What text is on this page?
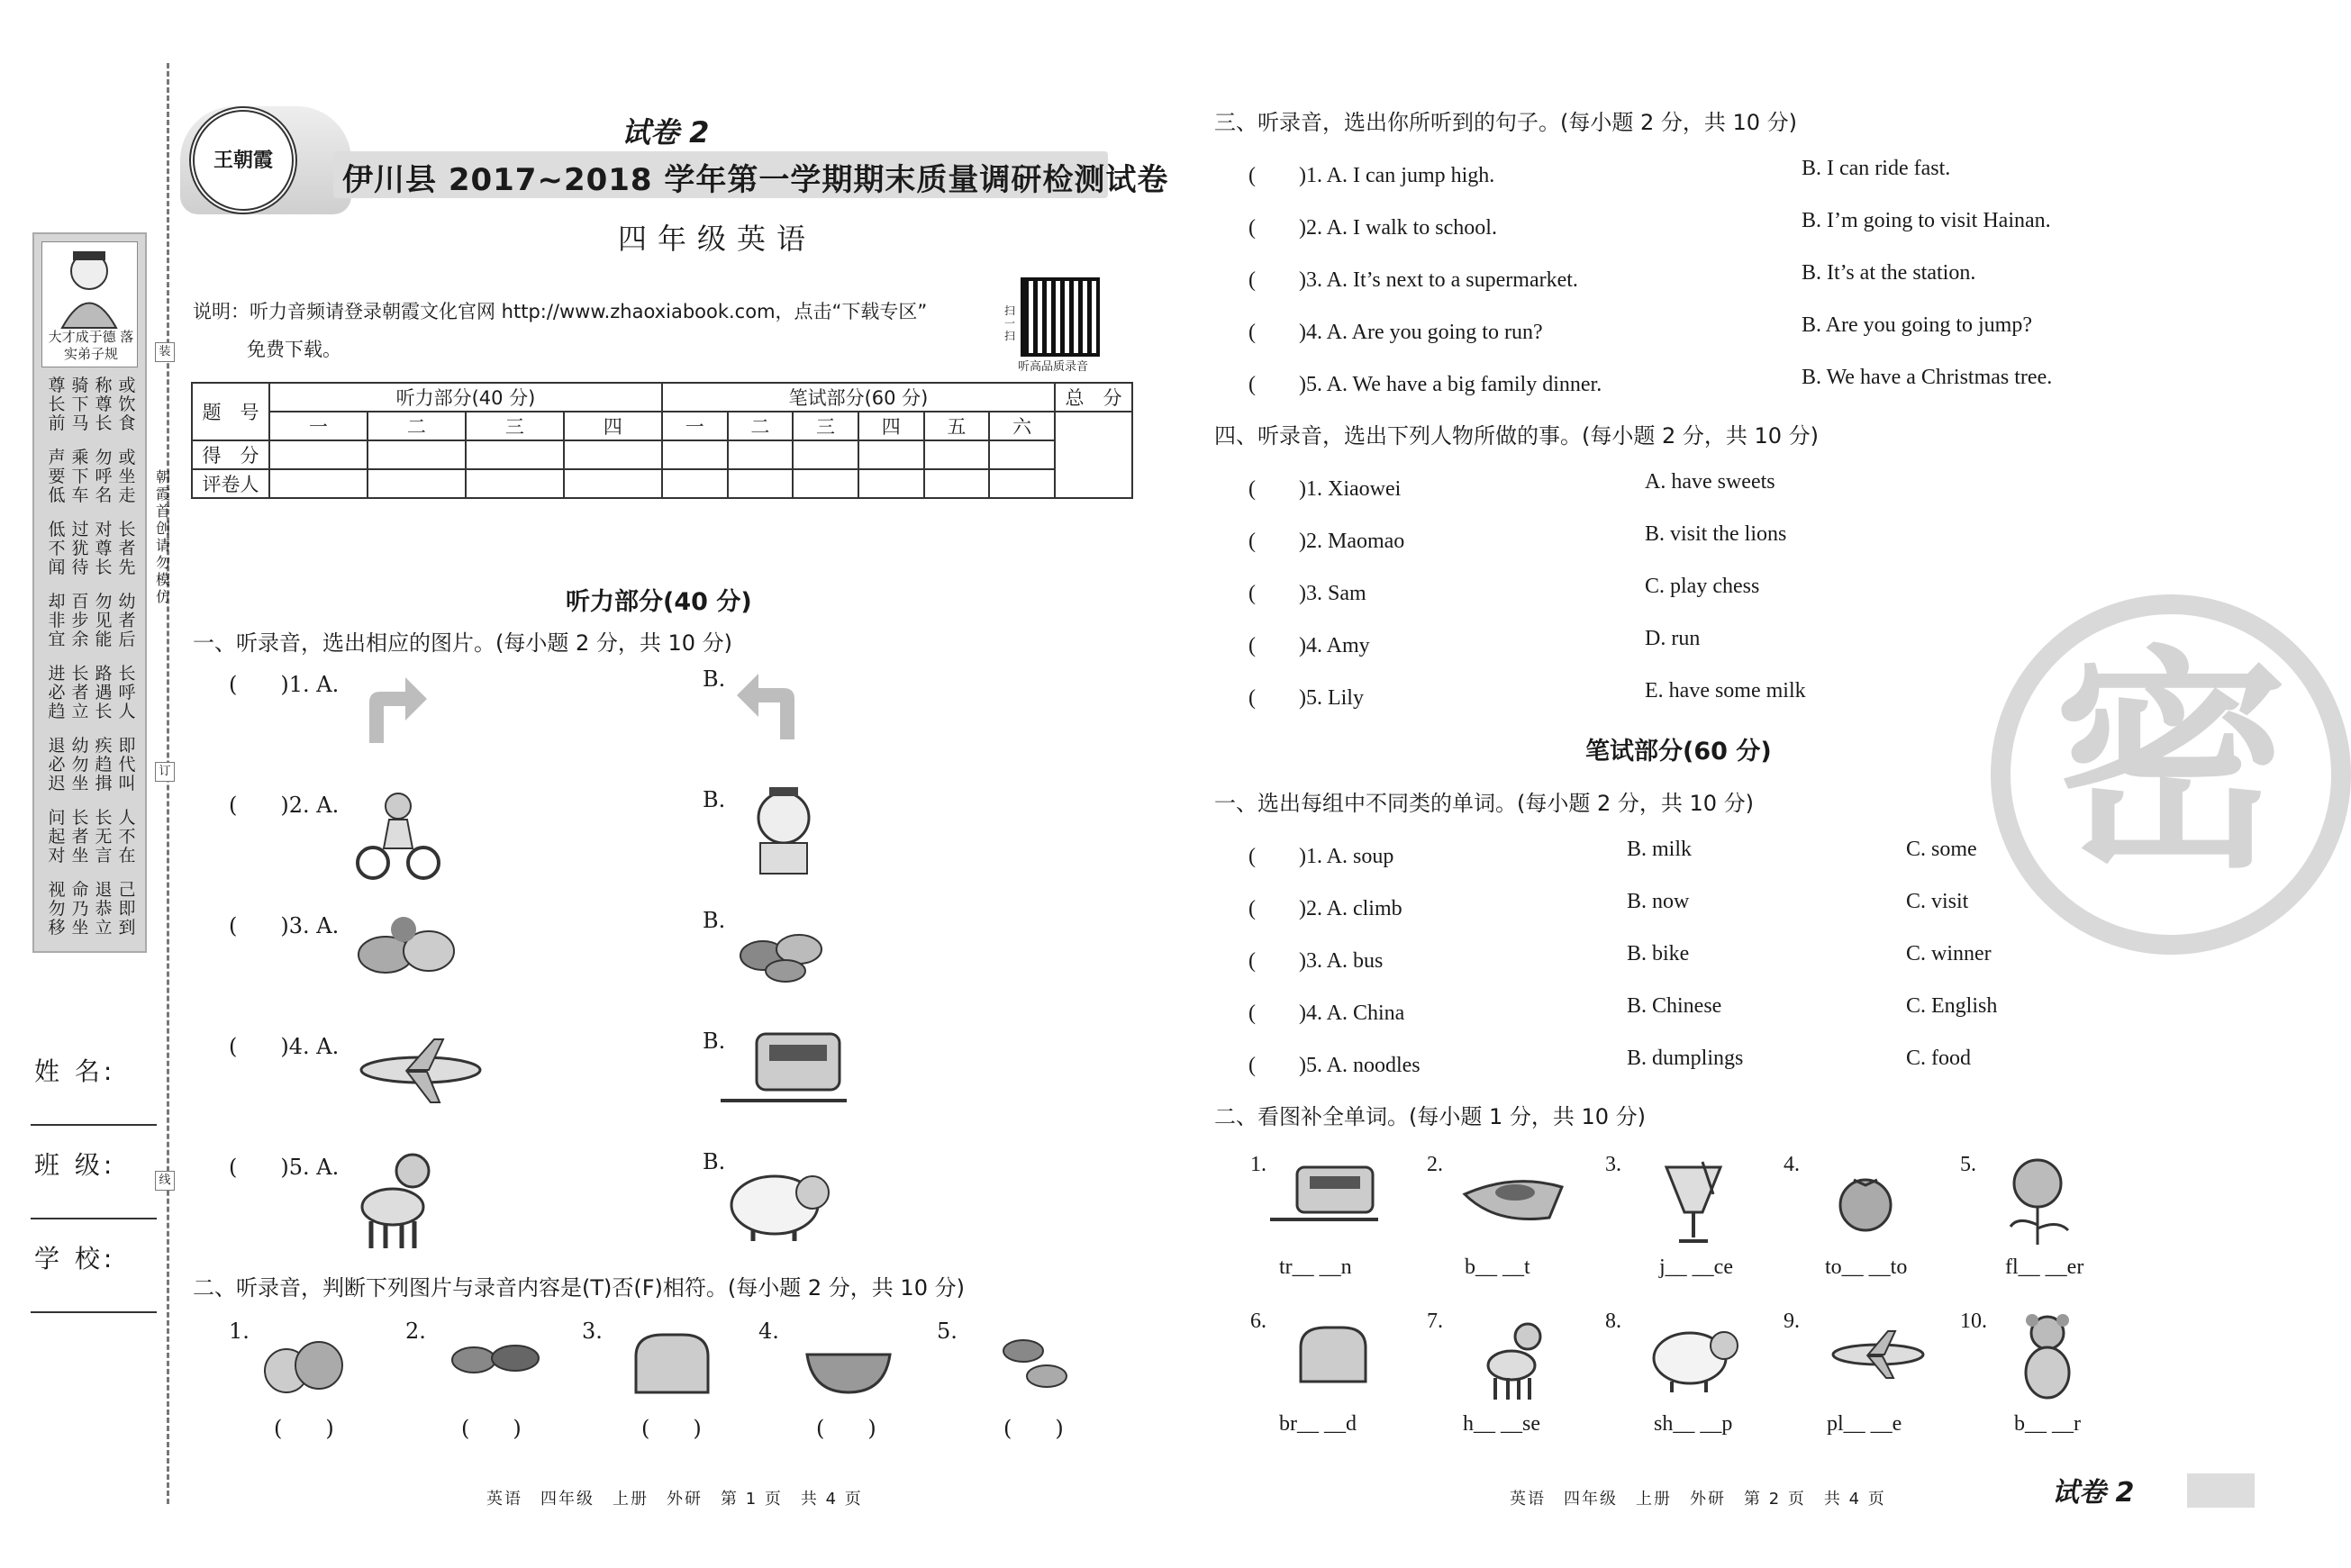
大才成于德 落实弟子规
尊 骑 称 或
长 下 尊 饮
前 马 长 食
声 乘 勿 或
要 下 呼 坐
低 车 名 走
低 过 对 长
不 犹 尊 者
闻 待 长 先
却 百 勿 幼
非 步 见 者
宜 余 能 后
进 长 路 长
必 者 遇 呼
趋 立 长 人
退 幼 疾 即
必 勿 趋 代
迟 坐 揖 叫
问 长 长 人
起 者 无 不
对 坐 言 在
视 命 退 己
勿 乃 恭 即
移 坐 立 到
朝霞首创 请勿模仿
装
订
线
姓 名:
班 级:
学 校:
王朝霞
试卷 2
伊川县 2017~2018 学年第一学期期末质量调研检测试卷
四年级英语
说明：听力音频请登录朝霞文化官网 http://www.zhaoxiabook.com，点击“下载专区”
免费下载。
扫一扫
听高品质录音
题　号	听力部分(40 分)				笔试部分(60 分)						总　分
	一	二	三	四	一	二	三	四	五	六	
得　分											
评卷人											
听力部分(40 分)
一、听录音，选出相应的图片。(每小题 2 分，共 10 分)
(　　)1. A.	B.
(　　)2. A.	B.
(　　)3. A.	B.
(　　)4. A.	B.
(　　)5. A.	B.
二、听录音，判断下列图片与录音内容是(T)否(F)相符。(每小题 2 分，共 10 分)
1.	2.	3.	4.	5.
(　　)	(　　)	(　　)	(　　)	(　　)
英语　四年级　上册　外研　第 1 页　共 4 页
密
三、听录音，选出你所听到的句子。(每小题 2 分，共 10 分)
(　　)1. A. I can jump high.	B. I can ride fast.
(　　)2. A. I walk to school.	B. I’m going to visit Hainan.
(　　)3. A. It’s next to a supermarket.	B. It’s at the station.
(　　)4. A. Are you going to run?	B. Are you going to jump?
(　　)5. A. We have a big family dinner.	B. We have a Christmas tree.
四、听录音，选出下列人物所做的事。(每小题 2 分，共 10 分)
(　　)1. Xiaowei	A. have sweets
(　　)2. Maomao	B. visit the lions
(　　)3. Sam	C. play chess
(　　)4. Amy	D. run
(　　)5. Lily	E. have some milk
笔试部分(60 分)
一、选出每组中不同类的单词。(每小题 2 分，共 10 分)
(　　)1. A. soup	B. milk	C. some
(　　)2. A. climb	B. now	C. visit
(　　)3. A. bus	B. bike	C. winner
(　　)4. A. China	B. Chinese	C. English
(　　)5. A. noodles	B. dumplings	C. food
二、看图补全单词。(每小题 1 分，共 10 分)
1.	2.	3.	4.	5.
tr__ __n	b__ __t	j__ __ce	to__ __to	fl__ __er
6.	7.	8.	9.	10.
br__ __d	h__ __se	sh__ __p	pl__ __e	b__ __r
英语　四年级　上册　外研　第 2 页　共 4 页	试卷 2
